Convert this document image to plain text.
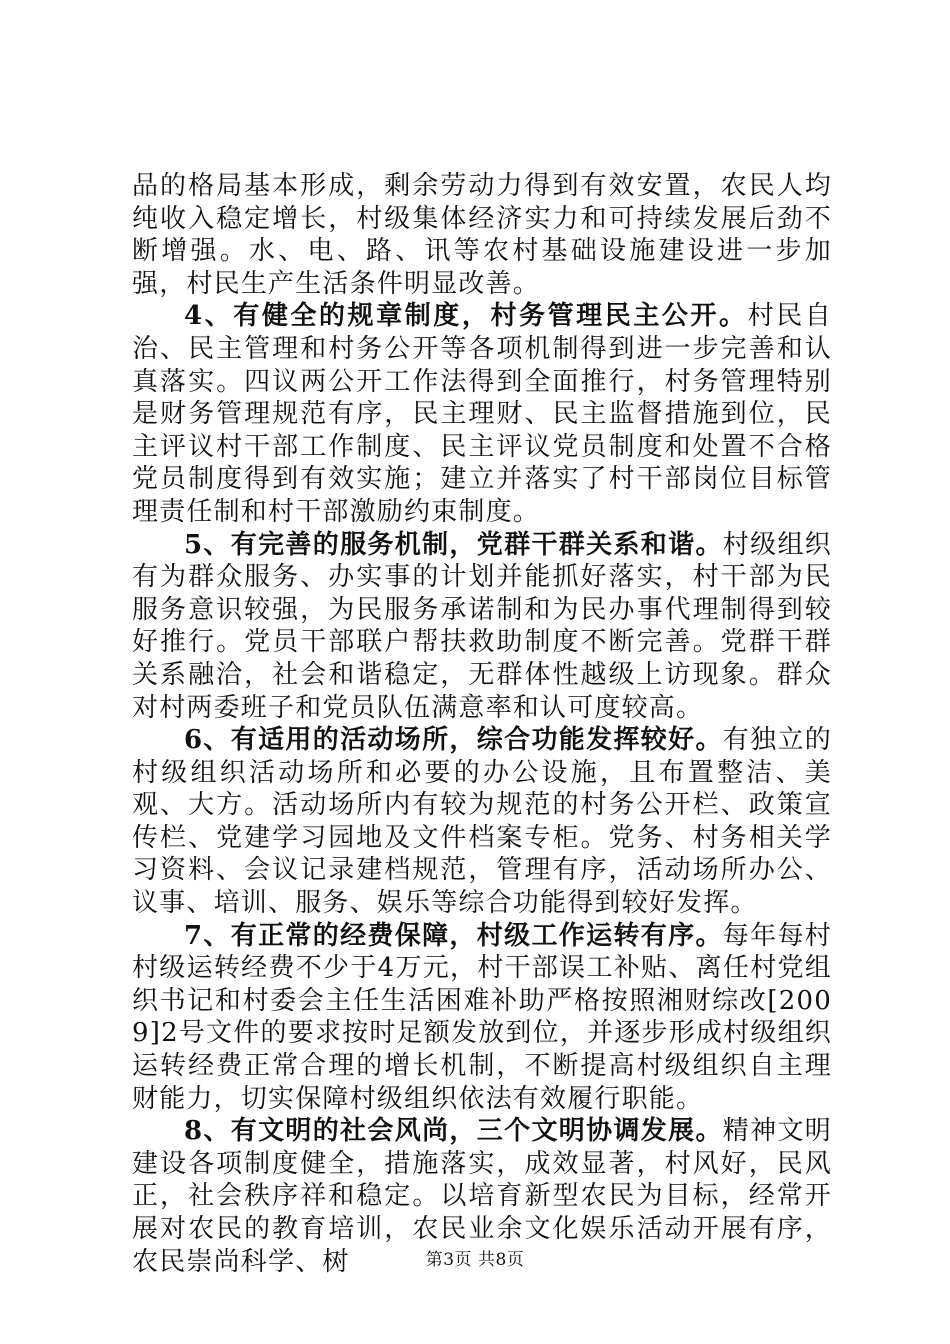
品的格局基本形成，剩余劳动力得到有效安置，农民人均纯收入稳定增长，村级集体经济实力和可持续发展后劲不断增强。水、电、路、讯等农村基础设施建设进一步加强，村民生产生活条件明显改善。

4、有健全的规章制度，村务管理民主公开。村民自治、民主管理和村务公开等各项机制得到进一步完善和认真落实。四议两公开工作法得到全面推行，村务管理特别是财务管理规范有序，民主理财、民主监督措施到位，民主评议村干部工作制度、民主评议党员制度和处置不合格党员制度得到有效实施；建立并落实了村干部岗位目标管理责任制和村干部激励约束制度。

5、有完善的服务机制，党群干群关系和谐。村级组织有为群众服务、办实事的计划并能抓好落实，村干部为民服务意识较强，为民服务承诺制和为民办事代理制得到较好推行。党员干部联户帮扶救助制度不断完善。党群干群关系融洽，社会和谐稳定，无群体性越级上访现象。群众对村两委班子和党员队伍满意率和认可度较高。

6、有适用的活动场所，综合功能发挥较好。有独立的村级组织活动场所和必要的办公设施，且布置整洁、美观、大方。活动场所内有较为规范的村务公开栏、政策宣传栏、党建学习园地及文件档案专柜。党务、村务相关学习资料、会议记录建档规范，管理有序，活动场所办公、议事、培训、服务、娱乐等综合功能得到较好发挥。

7、有正常的经费保障，村级工作运转有序。每年每村村级运转经费不少于4万元，村干部误工补贴、离任村党组织书记和村委会主任生活困难补助严格按照湘财综改[2009]2号文件的要求按时足额发放到位，并逐步形成村级组织运转经费正常合理的增长机制，不断提高村级组织自主理财能力，切实保障村级组织依法有效履行职能。

8、有文明的社会风尚，三个文明协调发展。精神文明建设各项制度健全，措施落实，成效显著，村风好，民风正，社会秩序祥和稳定。以培育新型农民为目标，经常开展对农民的教育培训，农民业余文化娱乐活动开展有序，农民崇尚科学、树	第3页 共8页
